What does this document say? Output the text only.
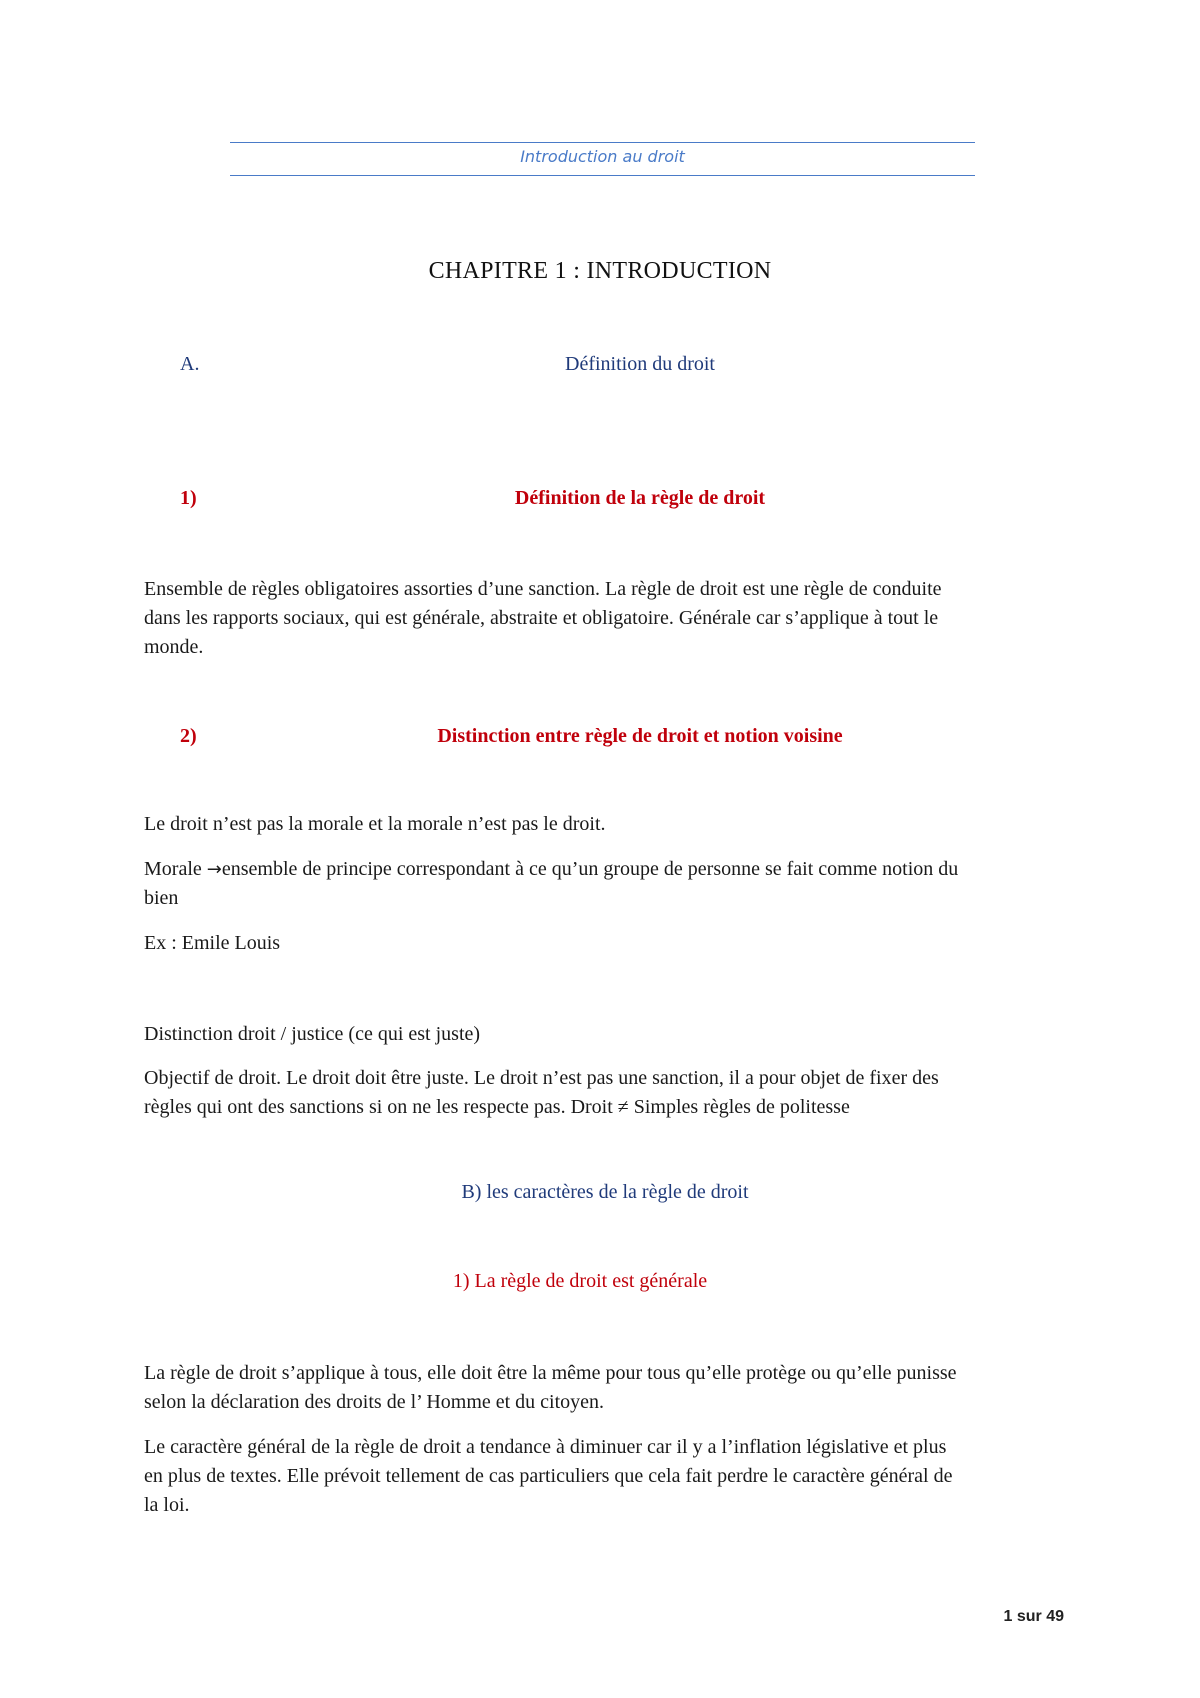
Introduction au droit
CHAPITRE 1 : INTRODUCTION
A.	Définition du droit
1)	Définition de la règle de droit
Ensemble de règles obligatoires assorties d’une sanction. La règle de droit est une règle de conduite
dans les rapports sociaux, qui est générale, abstraite et obligatoire. Générale car s’applique à tout le
monde.
2)	Distinction entre règle de droit et notion voisine
Le droit n’est pas la morale et la morale n’est pas le droit.
Morale →ensemble de principe correspondant à ce qu’un groupe de personne se fait comme notion du
bien
Ex : Emile Louis
Distinction droit / justice (ce qui est juste)
Objectif de droit. Le droit doit être juste. Le droit n’est pas une sanction, il a pour objet de fixer des
règles qui ont des sanctions si on ne les respecte pas. Droit ≠ Simples règles de politesse
B) les caractères de la règle de droit
1) La règle de droit est générale
La règle de droit s’applique à tous, elle doit être la même pour tous qu’elle protège ou qu’elle punisse
selon la déclaration des droits de l’ Homme et du citoyen.
Le caractère général de la règle de droit a tendance à diminuer car il y a l’inflation législative et plus
en plus de textes. Elle prévoit tellement de cas particuliers que cela fait perdre le caractère général de
la loi.
1 sur 49
